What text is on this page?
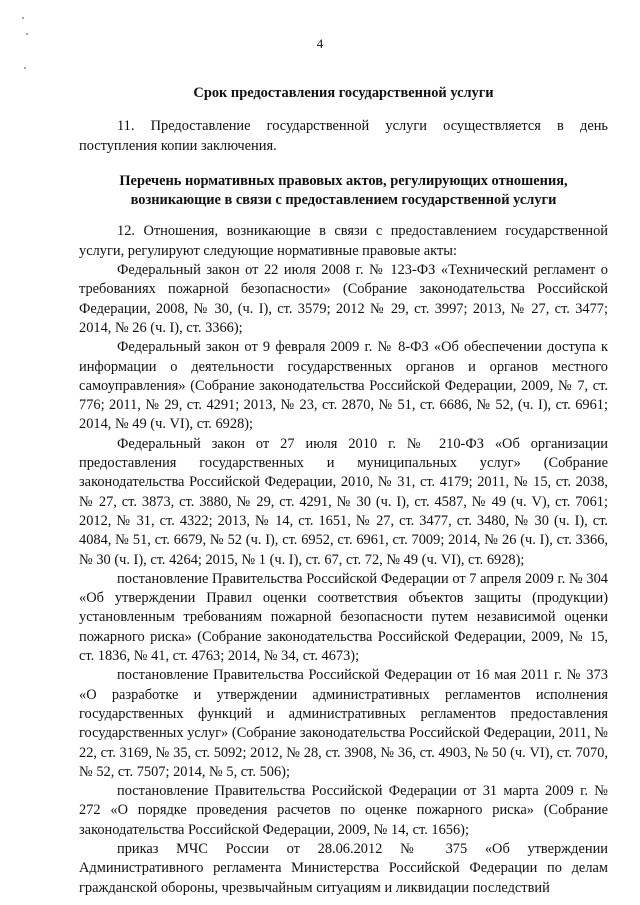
4

Срок предоставления государственной услуги

11. Предоставление государственной услуги осуществляется в день поступления копии заключения.

Перечень нормативных правовых актов, регулирующих отношения, возникающие в связи с предоставлением государственной услуги

12. Отношения, возникающие в связи с предоставлением государственной услуги, регулируют следующие нормативные правовые акты:

Федеральный закон от 22 июля 2008 г. № 123-ФЗ «Технический регламент о требованиях пожарной безопасности» (Собрание законодательства Российской Федерации, 2008, № 30, (ч. I), ст. 3579; 2012 № 29, ст. 3997; 2013, № 27, ст. 3477; 2014, № 26 (ч. I), ст. 3366);

Федеральный закон от 9 февраля 2009 г. № 8-ФЗ «Об обеспечении доступа к информации о деятельности государственных органов и органов местного самоуправления» (Собрание законодательства Российской Федерации, 2009, № 7, ст. 776; 2011, № 29, ст. 4291; 2013, № 23, ст. 2870, № 51, ст. 6686, № 52, (ч. I), ст. 6961; 2014, № 49 (ч. VI), ст. 6928);

Федеральный закон от 27 июля 2010 г. № 210-ФЗ «Об организации предоставления государственных и муниципальных услуг» (Собрание законодательства Российской Федерации, 2010, № 31, ст. 4179; 2011, № 15, ст. 2038, № 27, ст. 3873, ст. 3880, № 29, ст. 4291, № 30 (ч. I), ст. 4587, № 49 (ч. V), ст. 7061; 2012, № 31, ст. 4322; 2013, № 14, ст. 1651, № 27, ст. 3477, ст. 3480, № 30 (ч. I), ст. 4084, № 51, ст. 6679, № 52 (ч. I), ст. 6952, ст. 6961, ст. 7009; 2014, № 26 (ч. I), ст. 3366, № 30 (ч. I), ст. 4264; 2015, № 1 (ч. I), ст. 67, ст. 72, № 49 (ч. VI), ст. 6928);

постановление Правительства Российской Федерации от 7 апреля 2009 г. № 304 «Об утверждении Правил оценки соответствия объектов защиты (продукции) установленным требованиям пожарной безопасности путем независимой оценки пожарного риска» (Собрание законодательства Российской Федерации, 2009, № 15, ст. 1836, № 41, ст. 4763; 2014, № 34, ст. 4673);

постановление Правительства Российской Федерации от 16 мая 2011 г. № 373 «О разработке и утверждении административных регламентов исполнения государственных функций и административных регламентов предоставления государственных услуг» (Собрание законодательства Российской Федерации, 2011, № 22, ст. 3169, № 35, ст. 5092; 2012, № 28, ст. 3908, № 36, ст. 4903, № 50 (ч. VI), ст. 7070, № 52, ст. 7507; 2014, № 5, ст. 506);

постановление Правительства Российской Федерации от 31 марта 2009 г. № 272 «О порядке проведения расчетов по оценке пожарного риска» (Собрание законодательства Российской Федерации, 2009, № 14, ст. 1656);

приказ МЧС России от 28.06.2012 № 375 «Об утверждении Административного регламента Министерства Российской Федерации по делам гражданской обороны, чрезвычайным ситуациям и ликвидации последствий
